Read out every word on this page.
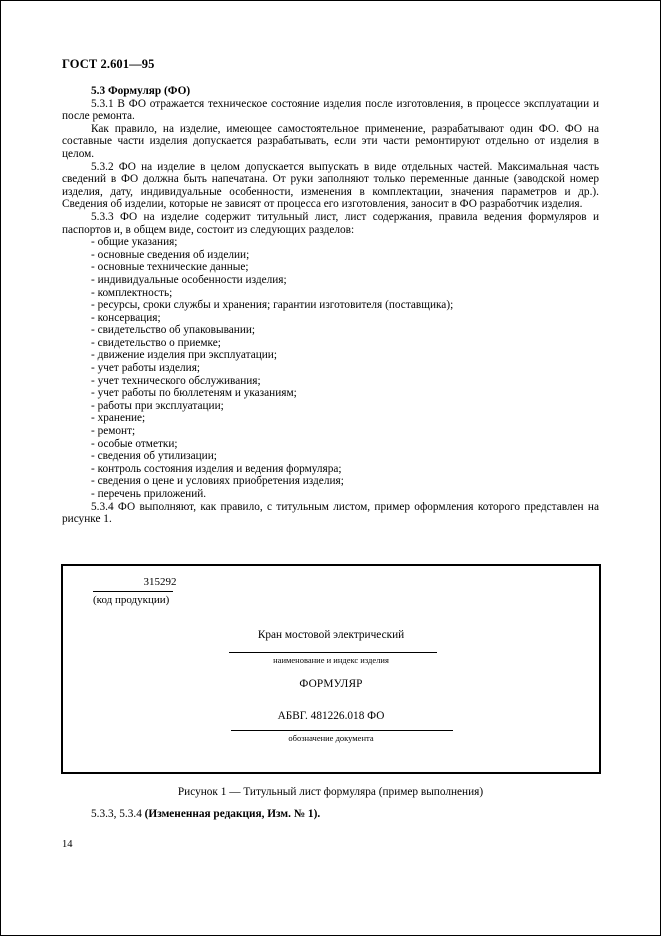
ГОСТ 2.601—95
5.3 Формуляр (ФО)

5.3.1 В ФО отражается техническое состояние изделия после изготовления, в процессе эксплуатации и после ремонта.

Как правило, на изделие, имеющее самостоятельное применение, разрабатывают один ФО. ФО на составные части изделия допускается разрабатывать, если эти части ремонтируют отдельно от изделия в целом.

5.3.2 ФО на изделие в целом допускается выпускать в виде отдельных частей. Максимальная часть сведений в ФО должна быть напечатана. От руки заполняют только переменные данные (заводской номер изделия, дату, индивидуальные особенности, изменения в комплектации, значения параметров и др.). Сведения об изделии, которые не зависят от процесса его изготовления, заносит в ФО разработчик изделия.

5.3.3 ФО на изделие содержит титульный лист, лист содержания, правила ведения формуляров и паспортов и, в общем виде, состоит из следующих разделов:

- общие указания;
- основные сведения об изделии;
- основные технические данные;
- индивидуальные особенности изделия;
- комплектность;
- ресурсы, сроки службы и хранения; гарантии изготовителя (поставщика);
- консервация;
- свидетельство об упаковывании;
- свидетельство о приемке;
- движение изделия при эксплуатации;
- учет работы изделия;
- учет технического обслуживания;
- учет работы по бюллетеням и указаниям;
- работы при эксплуатации;
- хранение;
- ремонт;
- особые отметки;
- сведения об утилизации;
- контроль состояния изделия и ведения формуляра;
- сведения о цене и условиях приобретения изделия;
- перечень приложений.

5.3.4 ФО выполняют, как правило, с титульным листом, пример оформления которого представлен на рисунке 1.

315292
(код продукции)
Кран мостовой электрический
наименование и индекс изделия
ФОРМУЛЯР
АБВГ. 481226.018 ФО
обозначение документа
Рисунок 1 — Титульный лист формуляра (пример выполнения)
5.3.3, 5.3.4 (Измененная редакция, Изм. № 1).
14
